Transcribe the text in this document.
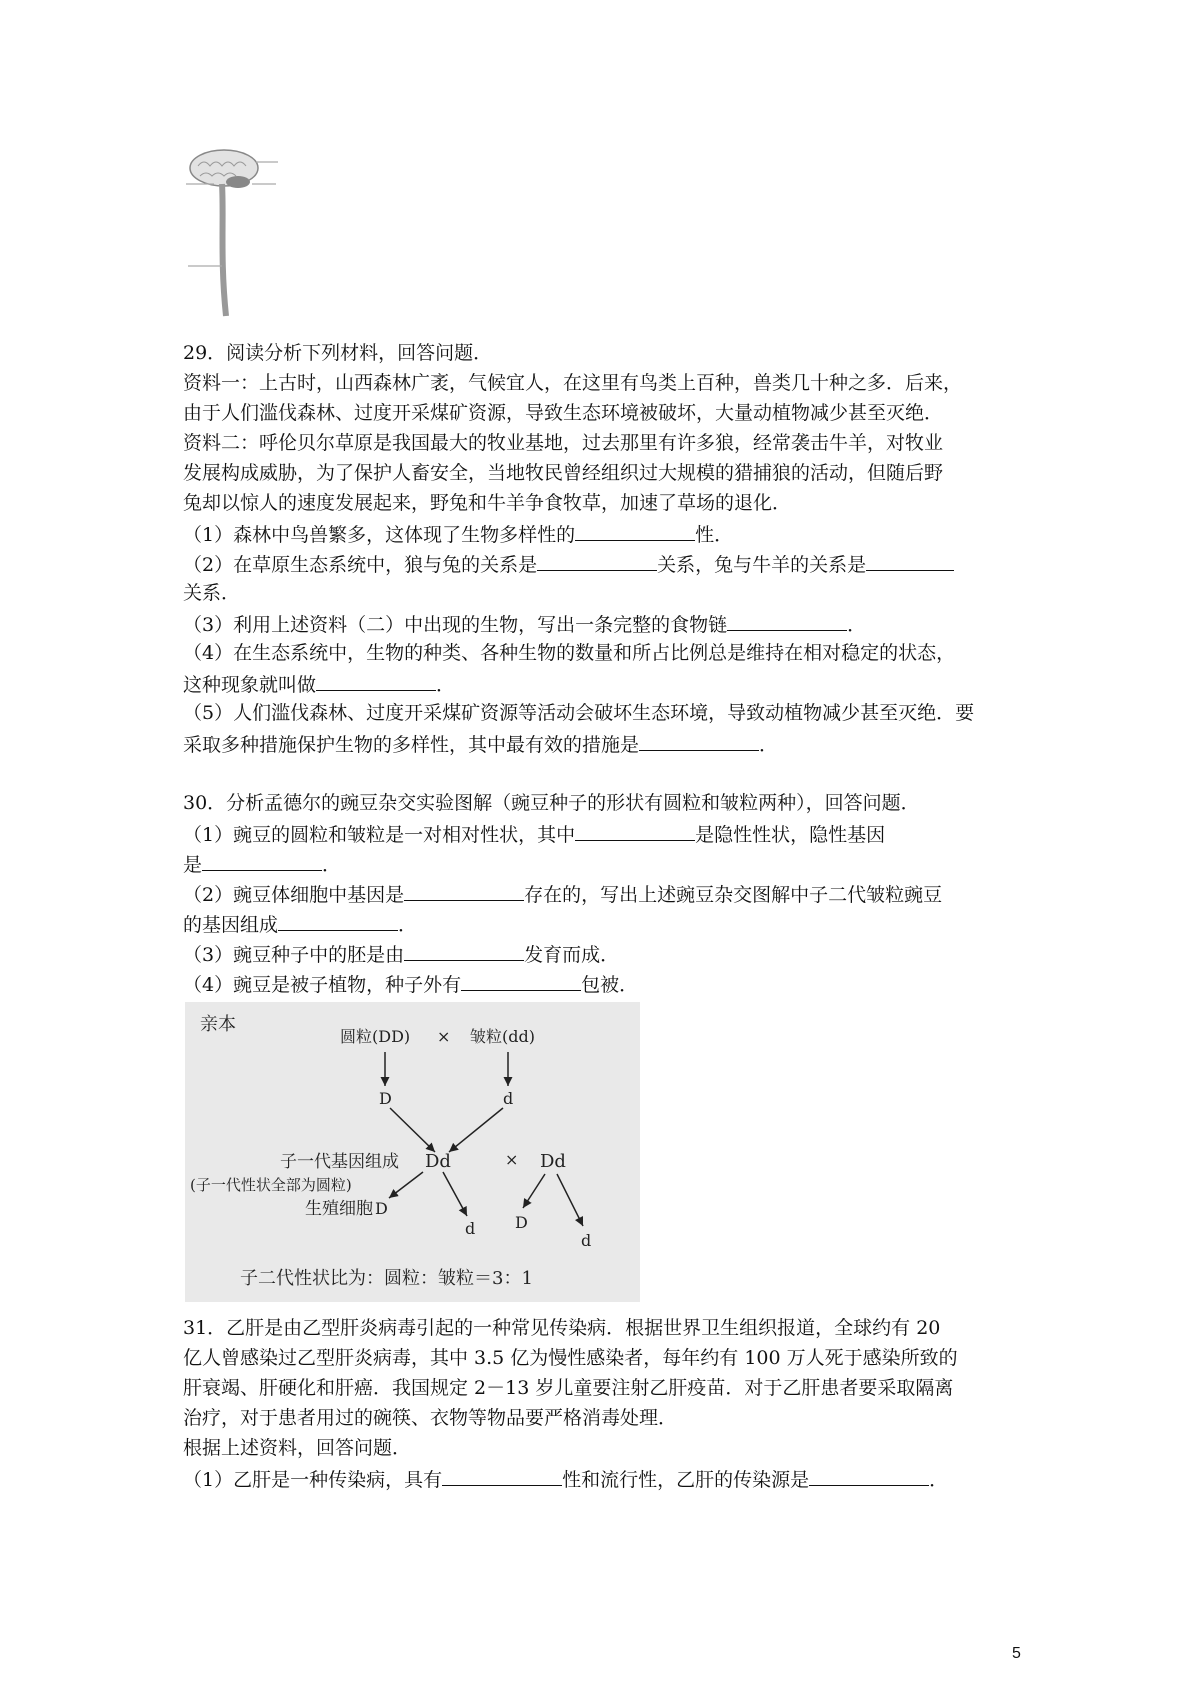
29．阅读分析下列材料，回答问题．
资料一：上古时，山西森林广袤，气候宜人，在这里有鸟类上百种，兽类几十种之多．后来，
由于人们滥伐森林、过度开采煤矿资源，导致生态环境被破坏，大量动植物减少甚至灭绝．
资料二：呼伦贝尔草原是我国最大的牧业基地，过去那里有许多狼，经常袭击牛羊，对牧业
发展构成威胁，为了保护人畜安全，当地牧民曾经组织过大规模的猎捕狼的活动，但随后野
兔却以惊人的速度发展起来，野兔和牛羊争食牧草，加速了草场的退化．
（1）森林中鸟兽繁多，这体现了生物多样性的	性．
（2）在草原生态系统中，狼与兔的关系是	关系，兔与牛羊的关系是
关系．
（3）利用上述资料（二）中出现的生物，写出一条完整的食物链	．
（4）在生态系统中，生物的种类、各种生物的数量和所占比例总是维持在相对稳定的状态，
这种现象就叫做	．
（5）人们滥伐森林、过度开采煤矿资源等活动会破坏生态环境，导致动植物减少甚至灭绝．要
采取多种措施保护生物的多样性，其中最有效的措施是	．
30．分析孟德尔的豌豆杂交实验图解（豌豆种子的形状有圆粒和皱粒两种），回答问题．
（1）豌豆的圆粒和皱粒是一对相对性状，其中	是隐性性状，隐性基因
是	．
（2）豌豆体细胞中基因是	存在的，写出上述豌豆杂交图解中子二代皱粒豌豆
的基因组成	．
（3）豌豆种子中的胚是由	发育而成．
（4）豌豆是被子植物，种子外有	包被．
亲本
圆粒(DD) × 皱粒(dd)
D	d
子一代基因组成 Dd
(子一代性状全部为圆粒)
× Dd
生殖细胞 D
d D
d
子二代性状比为：圆粒：皱粒＝3：1
31．乙肝是由乙型肝炎病毒引起的一种常见传染病．根据世界卫生组织报道，全球约有 20
亿人曾感染过乙型肝炎病毒，其中 3.5 亿为慢性感染者，每年约有 100 万人死于感染所致的
肝衰竭、肝硬化和肝癌．我国规定 2－13 岁儿童要注射乙肝疫苗．对于乙肝患者要采取隔离
治疗，对于患者用过的碗筷、衣物等物品要严格消毒处理．
根据上述资料，回答问题．
（1）乙肝是一种传染病，具有	性和流行性，乙肝的传染源是	．
5
